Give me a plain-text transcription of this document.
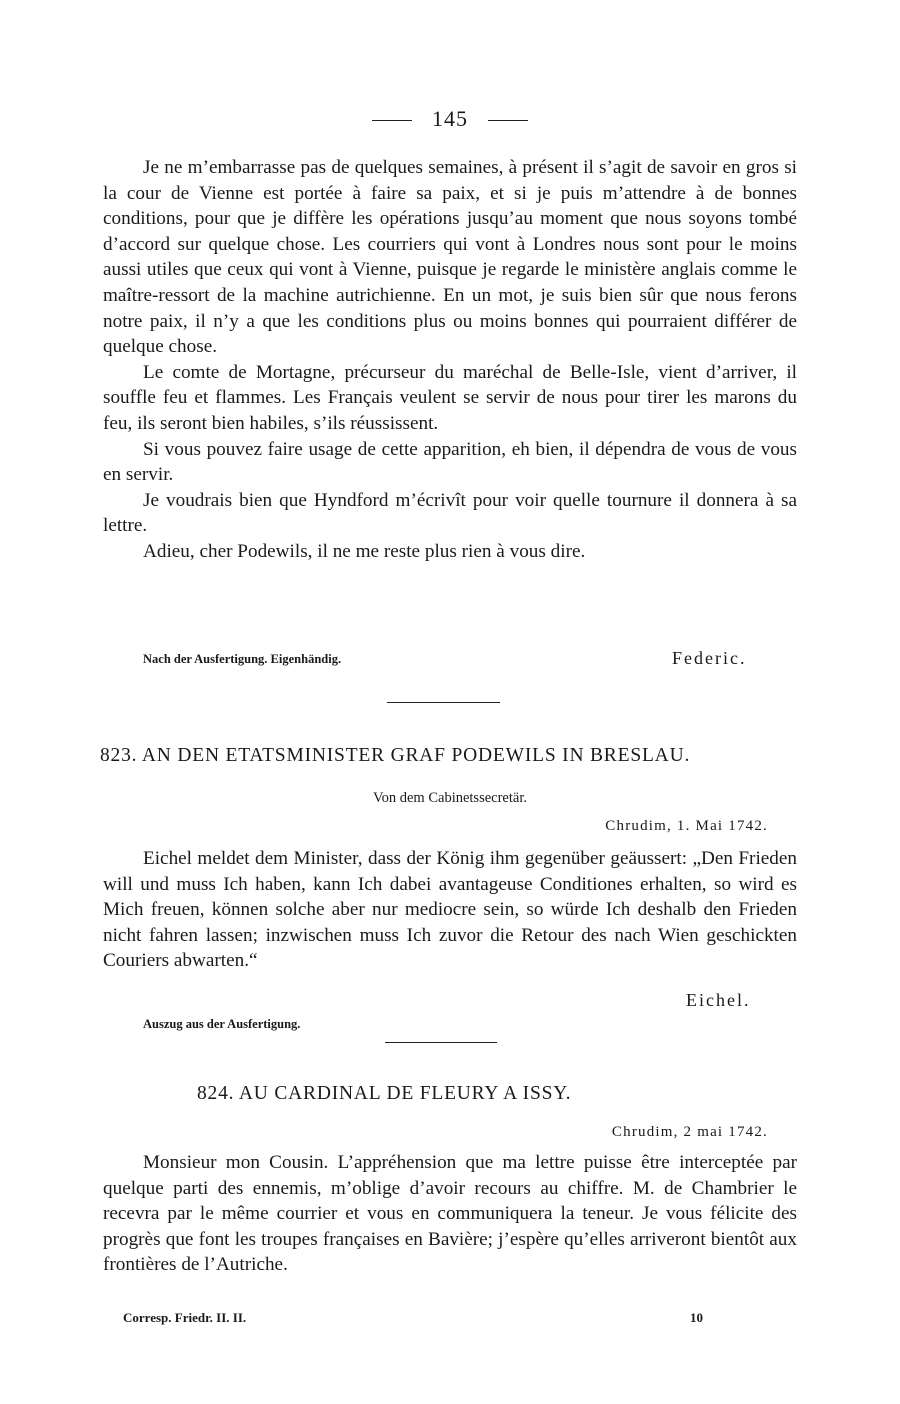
145

Je ne m’embarrasse pas de quelques semaines, à présent il s’agit de savoir en gros si la cour de Vienne est portée à faire sa paix, et si je puis m’attendre à de bonnes conditions, pour que je diffère les opérations jusqu’au moment que nous soyons tombé d’accord sur quelque chose. Les courriers qui vont à Londres nous sont pour le moins aussi utiles que ceux qui vont à Vienne, puisque je regarde le ministère anglais comme le maître-ressort de la machine autrichienne. En un mot, je suis bien sûr que nous ferons notre paix, il n’y a que les conditions plus ou moins bonnes qui pourraient différer de quelque chose.

Le comte de Mortagne, précurseur du maréchal de Belle-Isle, vient d’arriver, il souffle feu et flammes. Les Français veulent se servir de nous pour tirer les marons du feu, ils seront bien habiles, s’ils réussissent.

Si vous pouvez faire usage de cette apparition, eh bien, il dépendra de vous de vous en servir.

Je voudrais bien que Hyndford m’écrivît pour voir quelle tournure il donnera à sa lettre.

Adieu, cher Podewils, il ne me reste plus rien à vous dire.

Nach der Ausfertigung. Eigenhändig.	Federic.
823. AN DEN ETATSMINISTER GRAF PODEWILS IN BRESLAU.
Von dem Cabinetssecretär.
Chrudim, 1. Mai 1742.

Eichel meldet dem Minister, dass der König ihm gegenüber geäussert: „Den Frieden will und muss Ich haben, kann Ich dabei avantageuse Conditiones erhalten, so wird es Mich freuen, können solche aber nur mediocre sein, so würde Ich deshalb den Frieden nicht fahren lassen; inzwischen muss Ich zuvor die Retour des nach Wien geschickten Couriers abwarten.“

Eichel.
Auszug aus der Ausfertigung.
824. AU CARDINAL DE FLEURY A ISSY.
Chrudim, 2 mai 1742.

Monsieur mon Cousin. L’appréhension que ma lettre puisse être interceptée par quelque parti des ennemis, m’oblige d’avoir recours au chiffre. M. de Chambrier le recevra par le même courrier et vous en communiquera la teneur. Je vous félicite des progrès que font les troupes françaises en Bavière; j’espère qu’elles arriveront bientôt aux frontières de l’Autriche.

Corresp. Friedr. II. II.	10
